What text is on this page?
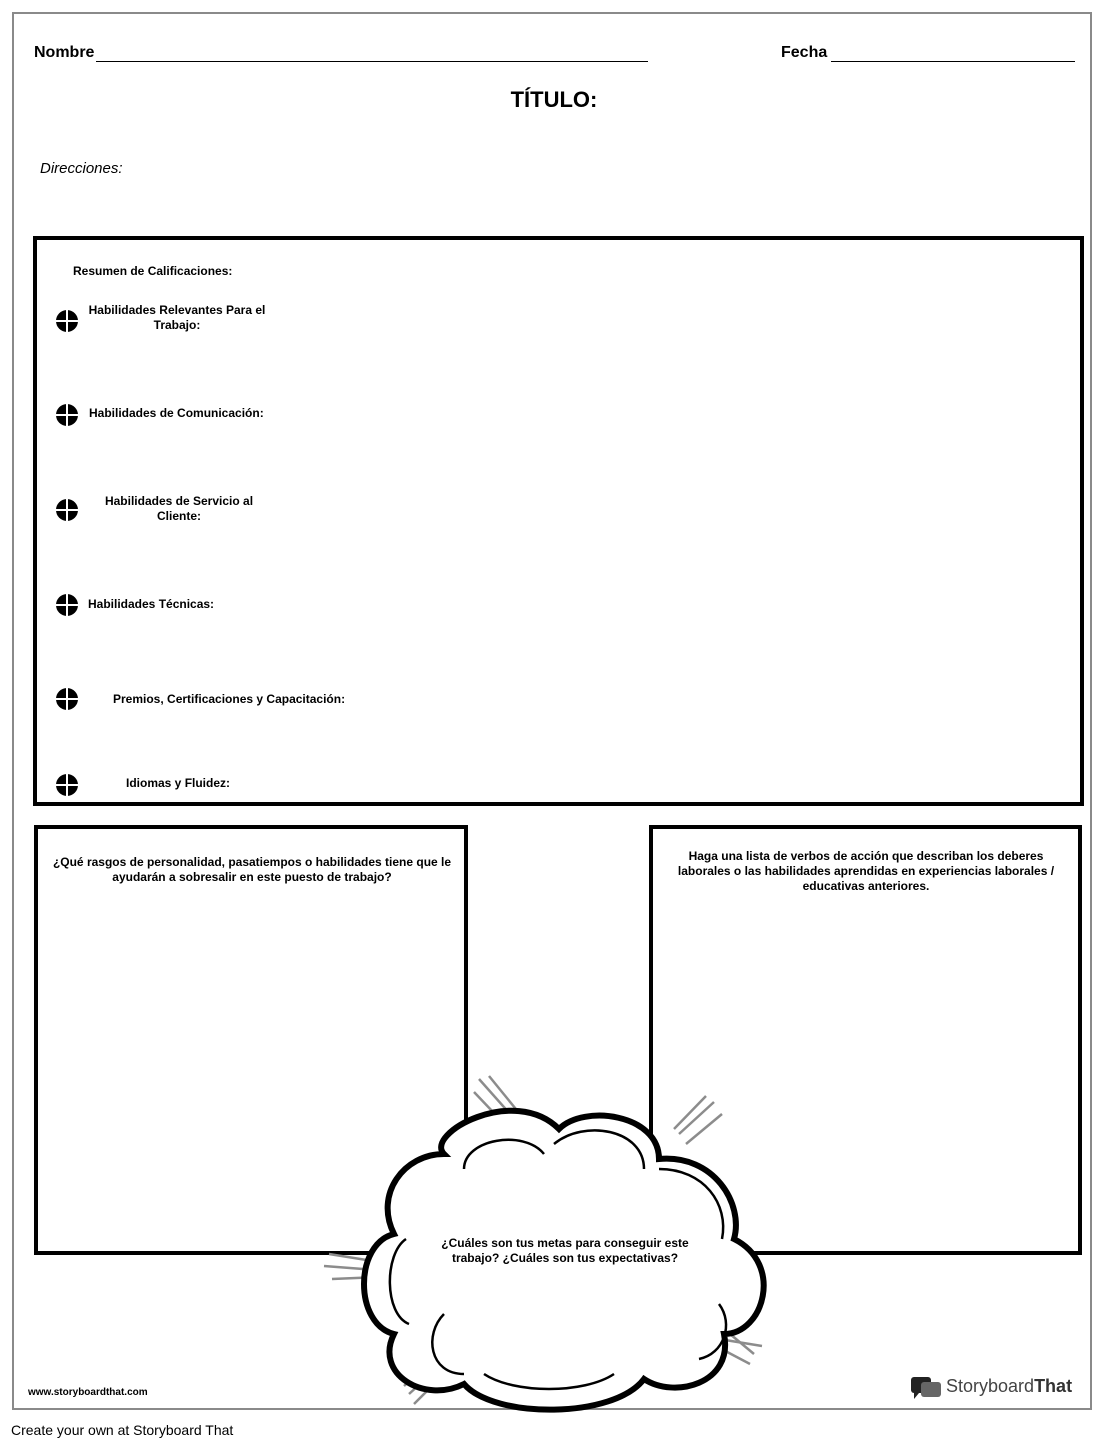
Nombre	Fecha
TÍTULO:
Direcciones:
Resumen de Calificaciones:
Habilidades Relevantes Para el Trabajo:
Habilidades de Comunicación:
Habilidades de Servicio al Cliente:
Habilidades Técnicas:
Premios, Certificaciones y Capacitación:
Idiomas y Fluidez:
¿Qué rasgos de personalidad, pasatiempos o habilidades tiene que le ayudarán a sobresalir en este puesto de trabajo?
Haga una lista de verbos de acción que describan los deberes laborales o las habilidades aprendidas en experiencias laborales / educativas anteriores.
¿Cuáles son tus metas para conseguir este trabajo? ¿Cuáles son tus expectativas?
www.storyboardthat.com	StoryboardThat
Create your own at Storyboard That
